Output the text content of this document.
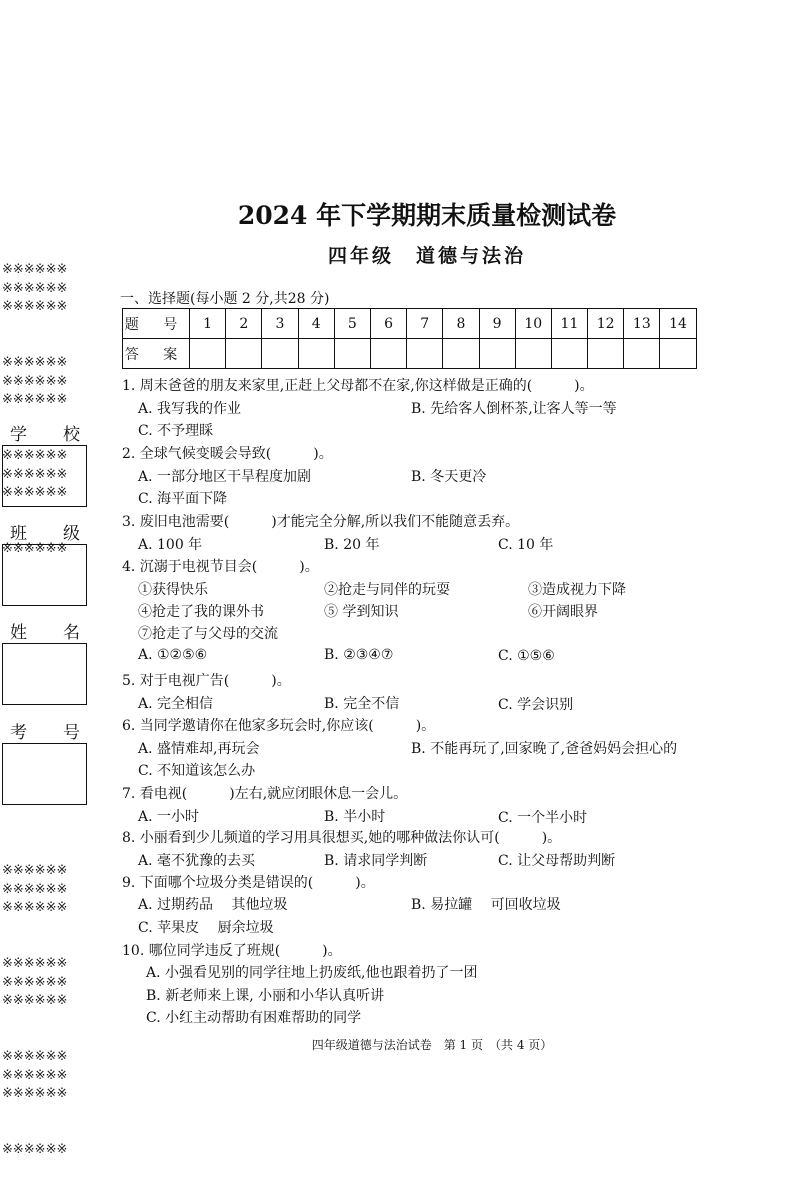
※※※※※※
※※※※※※
※※※※※※

※※※※※※
※※※※※※
※※※※※※

※※※※※※
※※※※※※
※※※※※※

※※※※※※

学 校
班 级
姓 名
考 号

※※※※※※
※※※※※※
※※※※※※

※※※※※※
※※※※※※
※※※※※※

※※※※※※
※※※※※※
※※※※※※

※※※※※※

2024 年下学期期末质量检测试卷
四年级　道德与法治
一、选择题(每小题 2 分,共28 分)
题 号	1	2	3	4	5	6	7	8	9	10	11	12	13	14
答 案														
1. 周末爸爸的朋友来家里,正赶上父母都不在家,你这样做是正确的(　　　)。
A. 我写我的作业	B. 先给客人倒杯茶,让客人等一等
C. 不予理睬
2. 全球气候变暖会导致(　　　)。
A. 一部分地区干旱程度加剧	B. 冬天更冷
C. 海平面下降
3. 废旧电池需要(　　　)才能完全分解,所以我们不能随意丢弃。
A. 100 年	B. 20 年	C. 10 年
4. 沉溺于电视节目会(　　　)。
①获得快乐	②抢走与同伴的玩耍	③造成视力下降
④抢走了我的课外书	⑤ 学到知识	⑥开阔眼界
⑦抢走了与父母的交流
A. ①②⑤⑥	B. ②③④⑦	C. ①⑤⑥
5. 对于电视广告(　　　)。
A. 完全相信	B. 完全不信	C. 学会识别
6. 当同学邀请你在他家多玩会时,你应该(　　　)。
A. 盛情难却,再玩会	B. 不能再玩了,回家晚了,爸爸妈妈会担心的
C. 不知道该怎么办
7. 看电视(　　　)左右,就应闭眼休息一会儿。
A. 一小时	B. 半小时	C. 一个半小时
8. 小丽看到少儿频道的学习用具很想买,她的哪种做法你认可(　　　)。
A. 毫不犹豫的去买	B. 请求同学判断	C. 让父母帮助判断
9. 下面哪个垃圾分类是错误的(　　　)。
A. 过期药品　 其他垃圾	B. 易拉罐　 可回收垃圾
C. 苹果皮　 厨余垃圾
10. 哪位同学违反了班规(　　　)。
A. 小强看见别的同学往地上扔废纸,他也跟着扔了一团
B. 新老师来上课, 小丽和小华认真听讲
C. 小红主动帮助有困难帮助的同学
四年级道德与法治试卷　第 1 页　（共 4 页）
